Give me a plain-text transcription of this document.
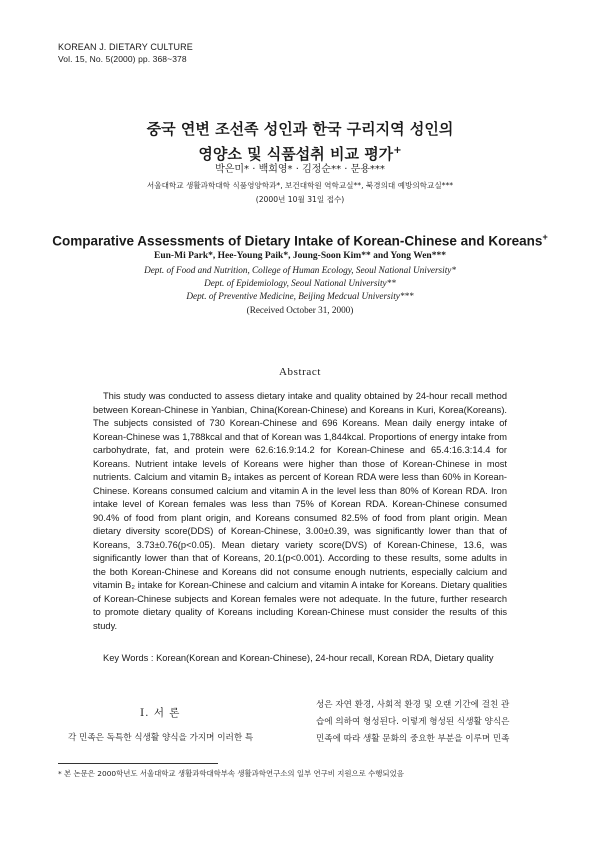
KOREAN J. DIETARY CULTURE
Vol. 15, No. 5(2000) pp. 368~378
중국 연변 조선족 성인과 한국 구리지역 성인의
영양소 및 식품섭취 비교 평가+
박은미* · 백희영* · 김정순** · 문용***
서울대학교 생활과학대학 식품영양학과*, 보건대학원 역학교실**, 북경의대 예방의학교실***
(2000년 10월 31일 접수)
Comparative Assessments of Dietary Intake of Korean-Chinese and Koreans+
Eun-Mi Park*, Hee-Young Paik*, Joung-Soon Kim** and Yong Wen***
Dept. of Food and Nutrition, College of Human Ecology, Seoul National University*
Dept. of Epidemiology, Seoul National University**
Dept. of Preventive Medicine, Beijing Medcual University***
(Received October 31, 2000)
Abstract
This study was conducted to assess dietary intake and quality obtained by 24-hour recall method between Korean-Chinese in Yanbian, China(Korean-Chinese) and Koreans in Kuri, Korea(Koreans). The subjects consisted of 730 Korean-Chinese and 696 Koreans. Mean daily energy intake of Korean-Chinese was 1,788kcal and that of Korean was 1,844kcal. Proportions of energy intake from carbohydrate, fat, and protein were 62.6:16.9:14.2 for Korean-Chinese and 65.4:16.3:14.4 for Koreans. Nutrient intake levels of Koreans were higher than those of Korean-Chinese in most nutrients. Calcium and vitamin B₂ intakes as percent of Korean RDA were less than 60% in Korean-Chinese. Koreans consumed calcium and vitamin A in the level less than 80% of Korean RDA. Iron intake level of Korean females was less than 75% of Korean RDA. Korean-Chinese consumed 90.4% of food from plant origin, and Koreans consumed 82.5% of food from plant origin. Mean dietary diversity score(DDS) of Korean-Chinese, 3.00±0.39, was significantly lower than that of Koreans, 3.73±0.76(p<0.05). Mean dietary variety score(DVS) of Korean-Chinese, 13.6, was significantly lower than that of Koreans, 20.1(p<0.001). According to these results, some adults in the both Korean-Chinese and Koreans did not consume enough nutrients, especially calcium and vitamin B₂ intake for Korean-Chinese and calcium and vitamin A intake for Koreans. Dietary qualities of Korean-Chinese subjects and Korean females were not adequate. In the future, further research to promote dietary quality of Koreans including Korean-Chinese must consider the results of this study.
Key Words : Korean(Korean and Korean-Chinese), 24-hour recall, Korean RDA, Dietary quality
I. 서 론
각 민족은 독특한 식생활 양식을 가지며 이러한 특
성은 자연 환경, 사회적 환경 및 오랜 기간에 걸친 관
습에 의하여 형성된다. 이렇게 형성된 식생활 양식은
민족에 따라 생활 문화의 중요한 부분을 이루며 민족
* 본 논문은 2000학년도 서울대학교 생활과학대학부속 생활과학연구소의 일부 연구비 지원으로 수행되었음
